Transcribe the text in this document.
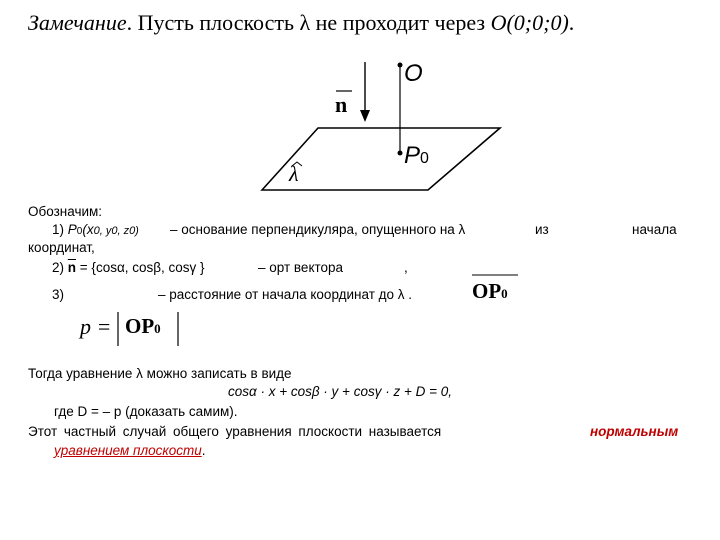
Замечание. Пусть плоскость λ не проходит через O(0;0;0).
O
n
P0
λ
Обозначим:
1) P0(x0, y0, z0) – основание перпендикуляра, опущенного на λ	из	начала
координат,
2) $\overline{n} = \{\cos\alpha$, cosβ, cosγ }	– орт вектора	,
3)	– расстояние от начала координат до λ .	OP0
p = OP0
Тогда уравнение λ можно записать в виде
cosα · x + cosβ · y + cosγ · z + D = 0,
где D = – p (доказать самим).
Этот частный случай общего уравнения плоскости называется	нормальным
уравнением плоскости.
